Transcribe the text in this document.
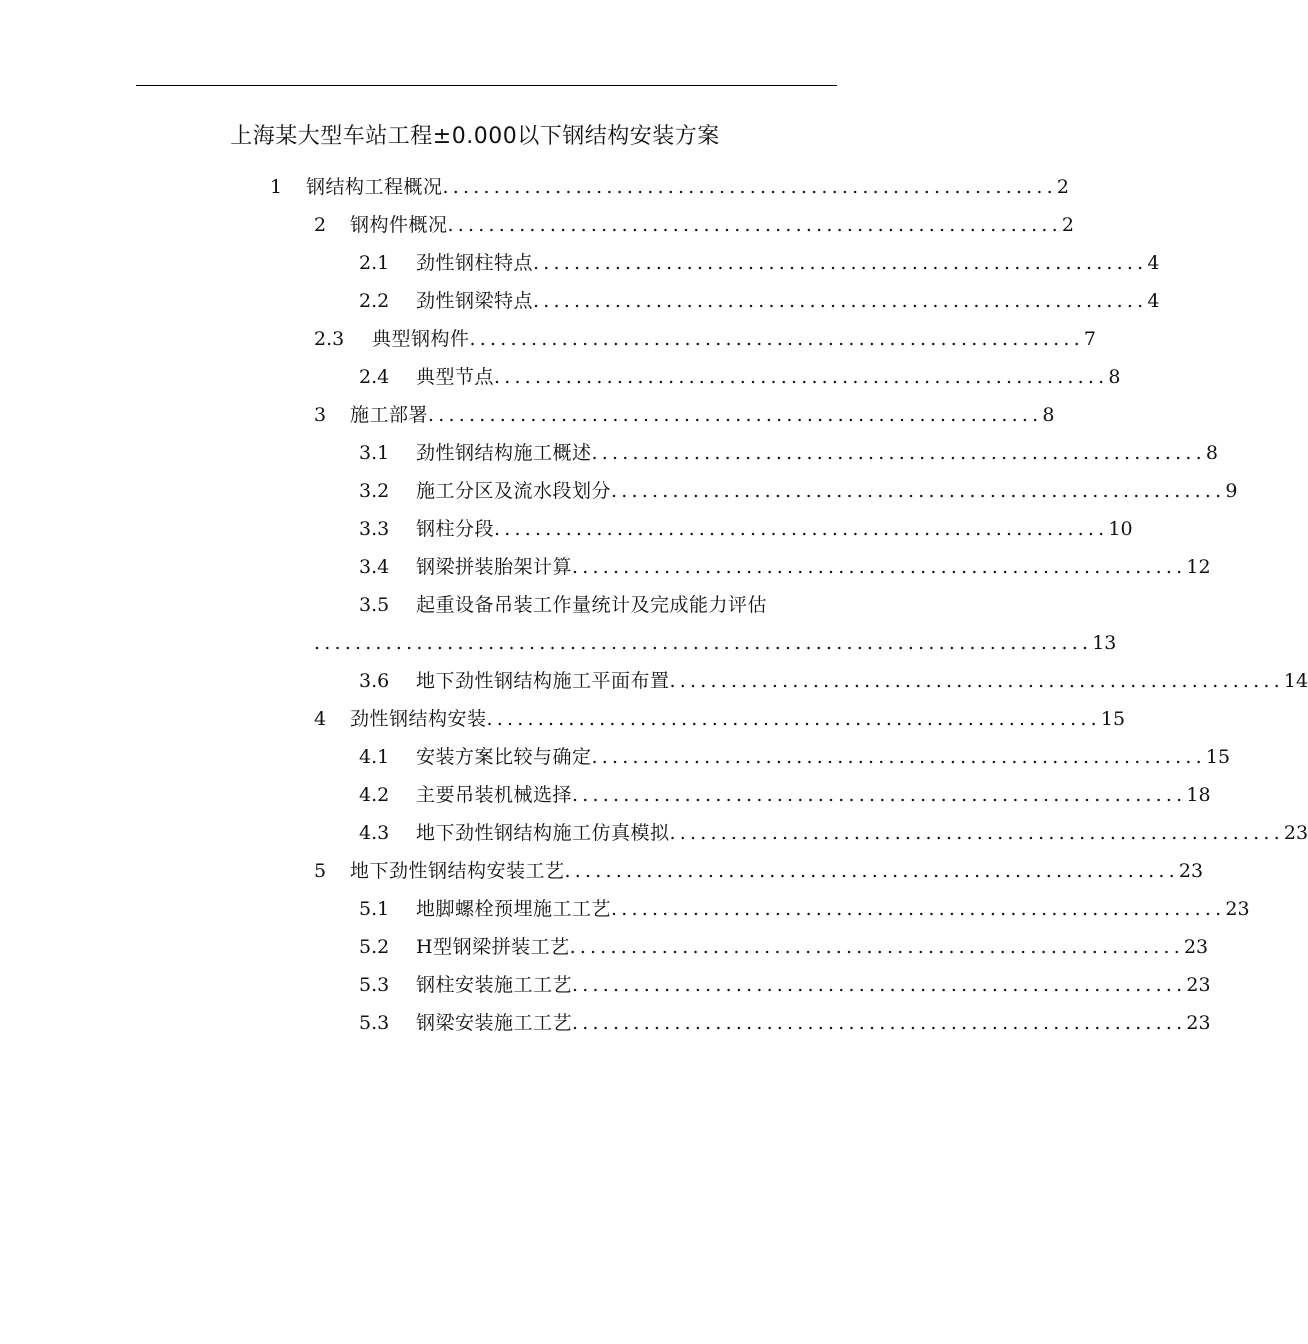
上海某大型车站工程±0.000以下钢结构安装方案
1	钢结构工程概况 ............................................................ 2
2	钢构件概况 ............................................................ 2
2.1	劲性钢柱特点 ............................................................ 4
2.2	劲性钢梁特点 ............................................................ 4
2.3	典型钢构件 ............................................................ 7
2.4	典型节点 ............................................................ 8
3	施工部署 ............................................................ 8
3.1	劲性钢结构施工概述 ............................................................ 8
3.2	施工分区及流水段划分 ............................................................ 9
3.3	钢柱分段 ............................................................ 10
3.4	钢梁拼装胎架计算 ............................................................ 12
3.5	起重设备吊装工作量统计及完成能力评估
............................................................................ 13
3.6	地下劲性钢结构施工平面布置 ............................................................ 14
4	劲性钢结构安装 ............................................................ 15
4.1	安装方案比较与确定 ............................................................ 15
4.2	主要吊装机械选择 ............................................................ 18
4.3	地下劲性钢结构施工仿真模拟 ............................................................ 23
5	地下劲性钢结构安装工艺 ............................................................ 23
5.1	地脚螺栓预埋施工工艺 ............................................................ 23
5.2	H型钢梁拼装工艺 ............................................................ 23
5.3	钢柱安装施工工艺 ............................................................ 23
5.3	钢梁安装施工工艺 ............................................................ 23
